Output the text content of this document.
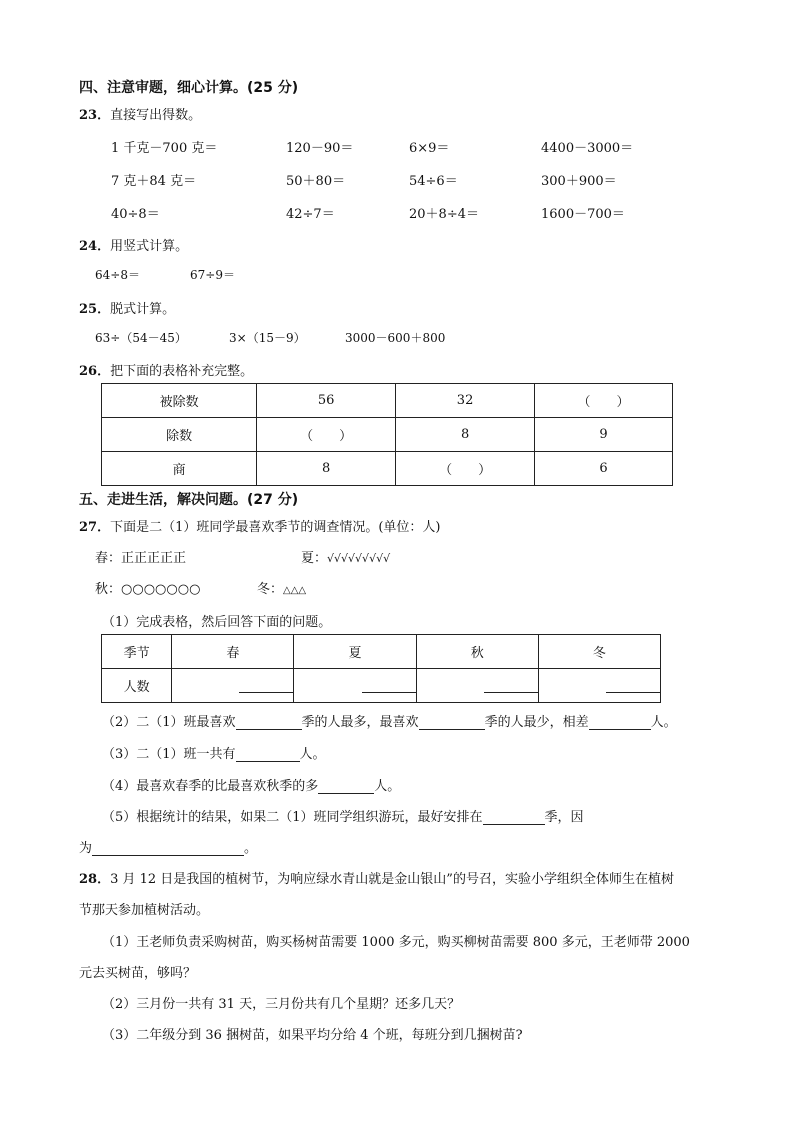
四、注意审题，细心计算。(25 分)
23．直接写出得数。
1 千克－700 克＝	120－90＝	6×9＝	4400－3000＝
7 克＋84 克＝	50＋80＝	54÷6＝	300＋900＝
40÷8＝	42÷7＝	20＋8÷4＝	1600－700＝
24．用竖式计算。
64÷8＝	67÷9＝
25．脱式计算。
63÷（54－45）	3×（15－9）	3000－600＋800
26．把下面的表格补充完整。
被除数	56	32	（　　）
除数	（　　）	8	9
商	8	（　　）	6
五、走进生活，解决问题。(27 分)
27．下面是二（1）班同学最喜欢季节的调查情况。(单位：人)
春：正正正正正	夏：√√√√√√√√√
秋：○○○○○○○	冬：△△△
（1）完成表格，然后回答下面的问题。
季节	春	夏	秋	冬
人数				
（2）二（1）班最喜欢	季的人最多，最喜欢	季的人最少，相差	人。
（3）二（1）班一共有	人。
（4）最喜欢春季的比最喜欢秋季的多	人。
（5）根据统计的结果，如果二（1）班同学组织游玩，最好安排在	季，因
为	。
28．3 月 12 日是我国的植树节，为响应绿水青山就是金山银山”的号召，实验小学组织全体师生在植树
节那天参加植树活动。
（1）王老师负责采购树苗，购买杨树苗需要 1000 多元，购买柳树苗需要 800 多元，王老师带 2000
元去买树苗，够吗？
（2）三月份一共有 31 天，三月份共有几个星期？还多几天？
（3）二年级分到 36 捆树苗，如果平均分给 4 个班，每班分到几捆树苗?
